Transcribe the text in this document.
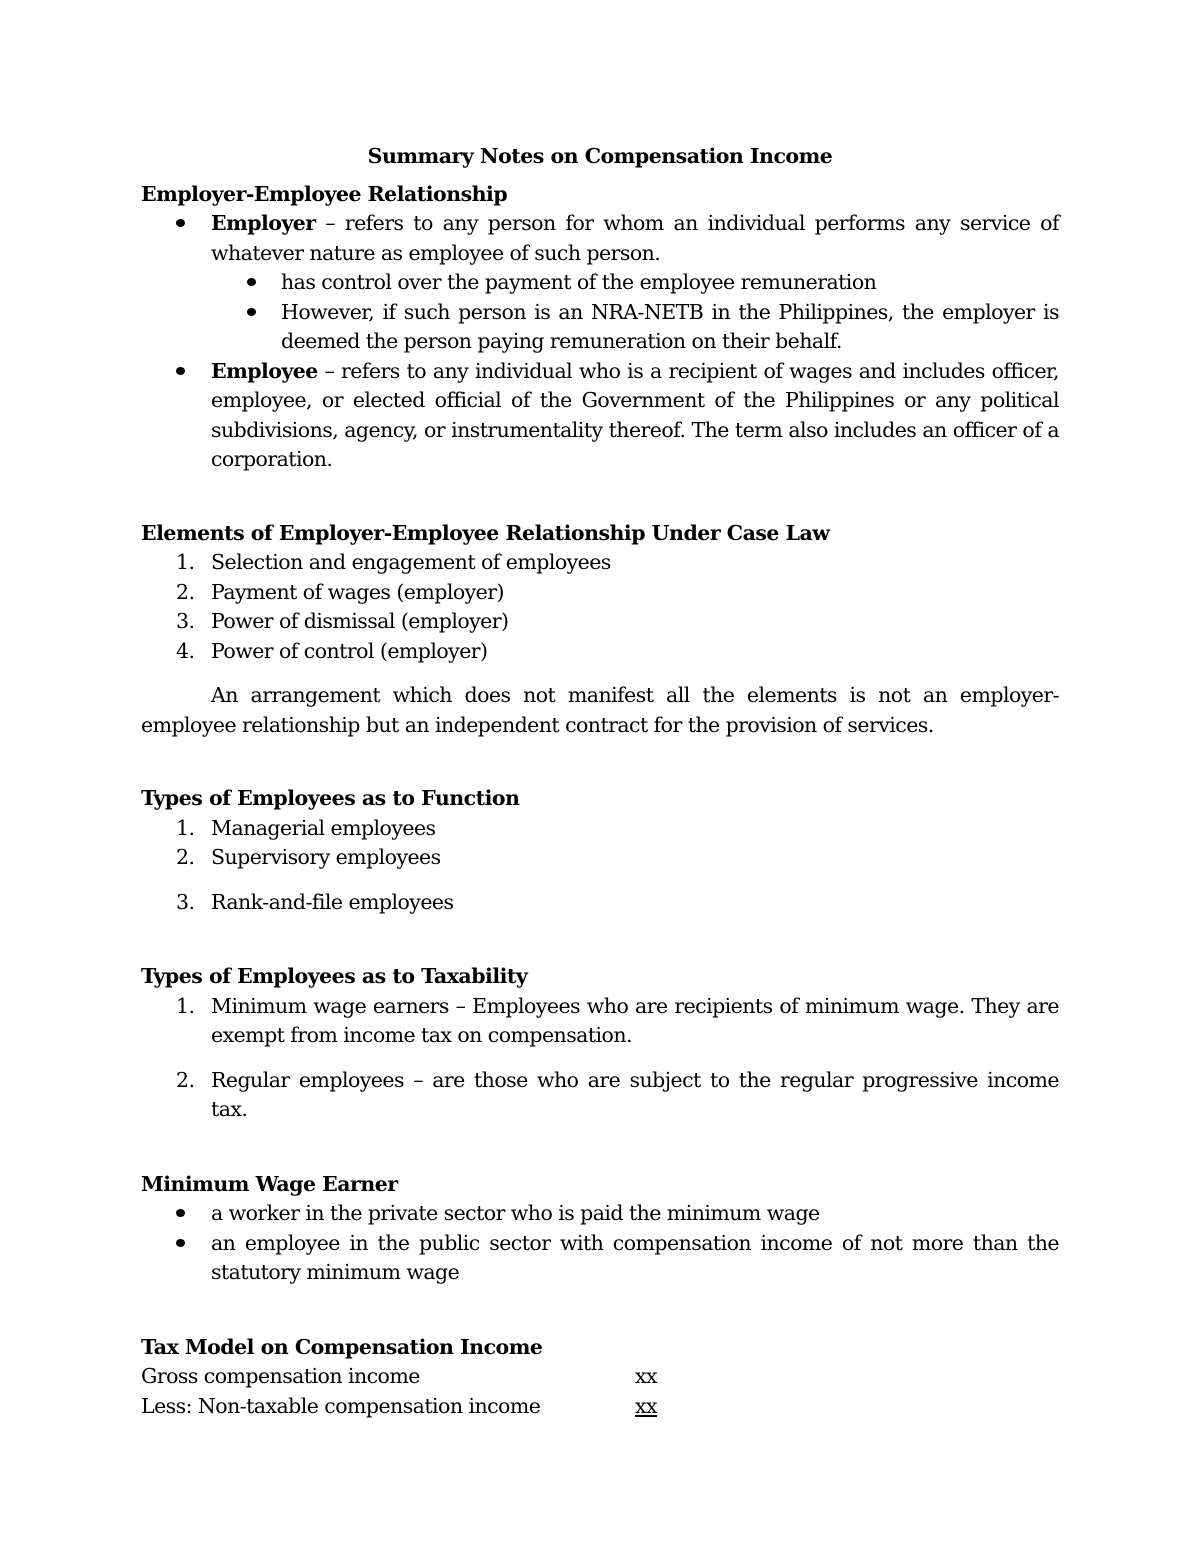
Summary Notes on Compensation Income

Employer-Employee Relationship

Employer – refers to any person for whom an individual performs any service of whatever nature as employee of such person.
has control over the payment of the employee remuneration
However, if such person is an NRA-NETB in the Philippines, the employer is deemed the person paying remuneration on their behalf.
Employee – refers to any individual who is a recipient of wages and includes officer, employee, or elected official of the Government of the Philippines or any political subdivisions, agency, or instrumentality thereof. The term also includes an officer of a corporation.

Elements of Employer-Employee Relationship Under Case Law

1. Selection and engagement of employees
2. Payment of wages (employer)
3. Power of dismissal (employer)
4. Power of control (employer)

An arrangement which does not manifest all the elements is not an employer-employee relationship but an independent contract for the provision of services.

Types of Employees as to Function

1. Managerial employees
2. Supervisory employees
3. Rank-and-file employees

Types of Employees as to Taxability

1. Minimum wage earners – Employees who are recipients of minimum wage. They are exempt from income tax on compensation.
2. Regular employees – are those who are subject to the regular progressive income tax.

Minimum Wage Earner

a worker in the private sector who is paid the minimum wage
an employee in the public sector with compensation income of not more than the statutory minimum wage

Tax Model on Compensation Income

Gross compensation income	xx
Less: Non-taxable compensation income	xx
